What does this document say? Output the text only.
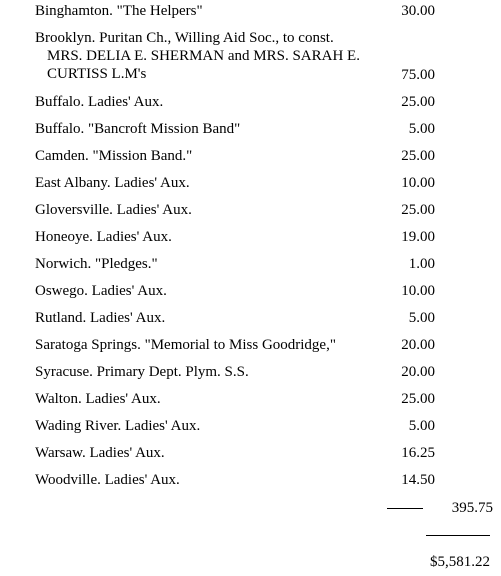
Binghamton. "The Helpers"	30.00
Brooklyn. Puritan Ch., Willing Aid Soc., to const.
MRS. DELIA E. SHERMAN and MRS. SARAH E.
CURTISS L.M's	75.00
Buffalo. Ladies' Aux.	25.00
Buffalo. "Bancroft Mission Band"	5.00
Camden. "Mission Band."	25.00
East Albany. Ladies' Aux.	10.00
Gloversville. Ladies' Aux.	25.00
Honeoye. Ladies' Aux.	19.00
Norwich. "Pledges."	1.00
Oswego. Ladies' Aux.	10.00
Rutland. Ladies' Aux.	5.00
Saratoga Springs. "Memorial to Miss Goodridge,"	20.00
Syracuse. Primary Dept. Plym. S.S.	20.00
Walton. Ladies' Aux.	25.00
Wading River. Ladies' Aux.	5.00
Warsaw. Ladies' Aux.	16.25
Woodville. Ladies' Aux.	14.50
395.75
$5,581.22
